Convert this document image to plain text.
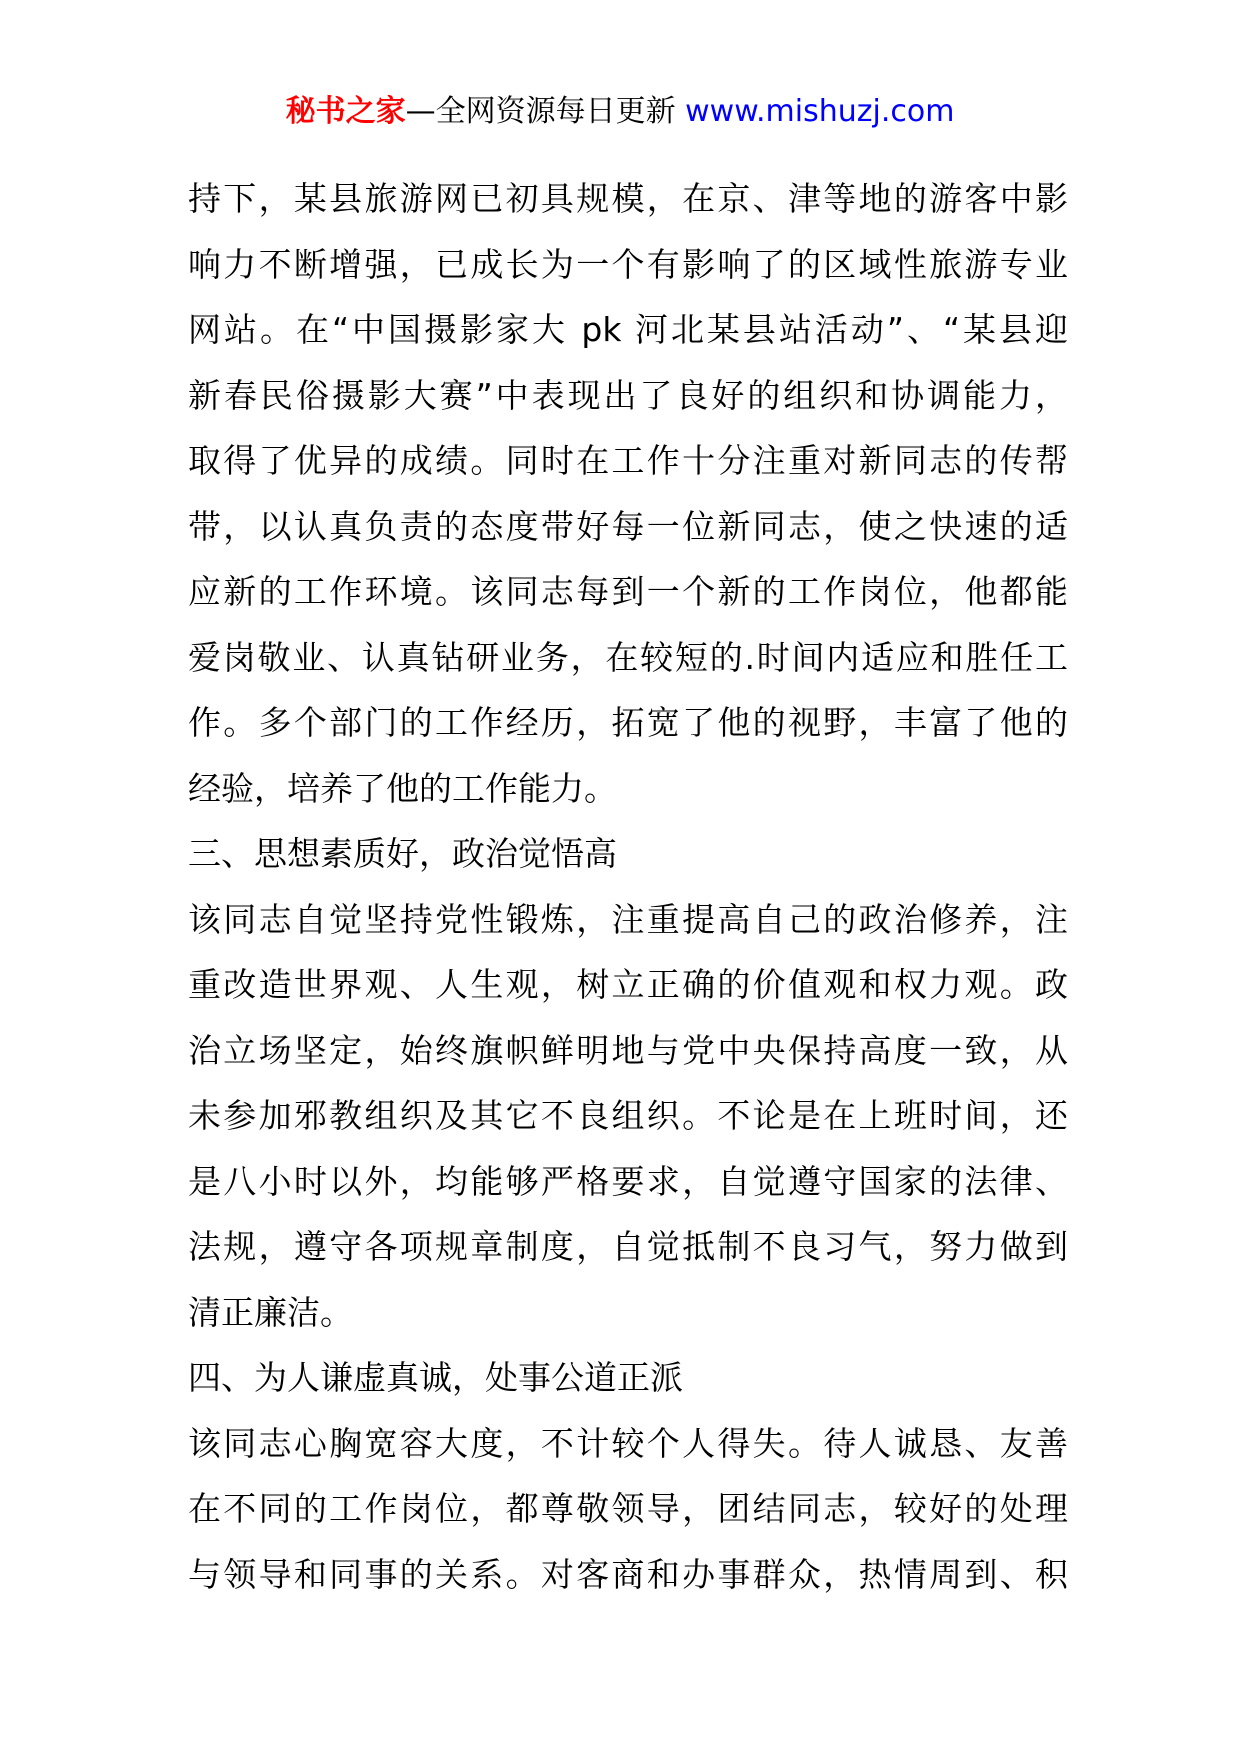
秘书之家—全网资源每日更新 www.mishuzj.com
持下，某县旅游网已初具规模，在京、津等地的游客中影
响力不断增强，已成长为一个有影响了的区域性旅游专业
网站。在“中国摄影家大 pk 河北某县站活动”、“某县迎
新春民俗摄影大赛”中表现出了良好的组织和协调能力，
取得了优异的成绩。同时在工作十分注重对新同志的传帮
带，以认真负责的态度带好每一位新同志，使之快速的适
应新的工作环境。该同志每到一个新的工作岗位，他都能
爱岗敬业、认真钻研业务，在较短的.时间内适应和胜任工
作。多个部门的工作经历，拓宽了他的视野，丰富了他的
经验，培养了他的工作能力。
三、思想素质好，政治觉悟高
该同志自觉坚持党性锻炼，注重提高自己的政治修养，注
重改造世界观、人生观，树立正确的价值观和权力观。政
治立场坚定，始终旗帜鲜明地与党中央保持高度一致，从
未参加邪教组织及其它不良组织。不论是在上班时间，还
是八小时以外，均能够严格要求，自觉遵守国家的法律、
法规，遵守各项规章制度，自觉抵制不良习气，努力做到
清正廉洁。
四、为人谦虚真诚，处事公道正派
该同志心胸宽容大度，不计较个人得失。待人诚恳、友善
在不同的工作岗位，都尊敬领导，团结同志，较好的处理
与领导和同事的关系。对客商和办事群众，热情周到、积
